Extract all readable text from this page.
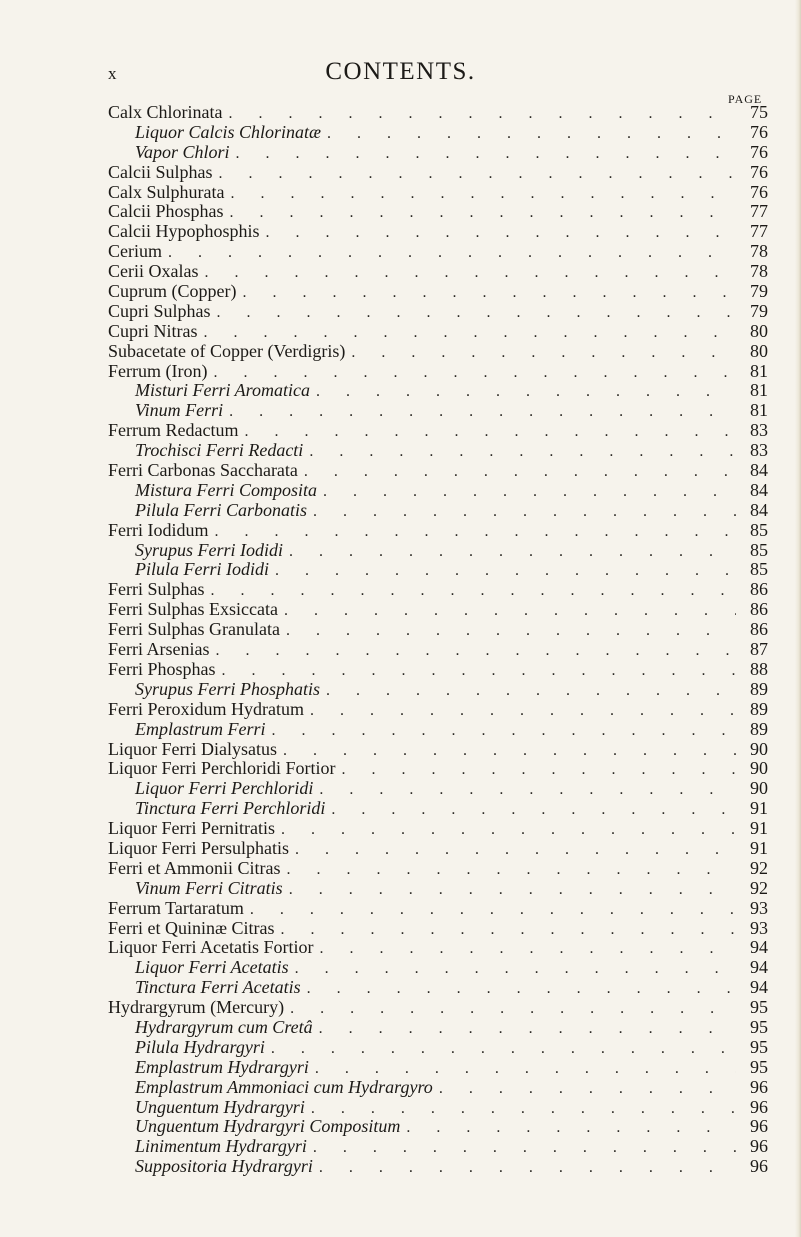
x	CONTENTS.
PAGE
Calx Chlorinata . . .	75
Liquor Calcis Chlorinatæ . . .	76
Vapor Chlori . . .	76
Calcii Sulphas . . .	76
Calx Sulphurata . . .	76
Calcii Phosphas . . .	77
Calcii Hypophosphis . . .	77
Cerium . . .	78
Cerii Oxalas . . .	78
Cuprum (Copper) . . .	79
Cupri Sulphas . . .	79
Cupri Nitras . . .	80
Subacetate of Copper (Verdigris) . . .	80
Ferrum (Iron) . . .	81
Misturi Ferri Aromatica . . .	81
Vinum Ferri . . .	81
Ferrum Redactum . . .	83
Trochisci Ferri Redacti . . .	83
Ferri Carbonas Saccharata . . .	84
Mistura Ferri Composita . . .	84
Pilula Ferri Carbonatis . . .	84
Ferri Iodidum . . .	85
Syrupus Ferri Iodidi . . .	85
Pilula Ferri Iodidi . . .	85
Ferri Sulphas . . .	86
Ferri Sulphas Exsiccata . . .	86
Ferri Sulphas Granulata . . .	86
Ferri Arsenias . . .	87
Ferri Phosphas . . .	88
Syrupus Ferri Phosphatis . . .	89
Ferri Peroxidum Hydratum . . .	89
Emplastrum Ferri . . .	89
Liquor Ferri Dialysatus . . .	90
Liquor Ferri Perchloridi Fortior . . .	90
Liquor Ferri Perchloridi . . .	90
Tinctura Ferri Perchloridi . . .	91
Liquor Ferri Pernitratis . . .	91
Liquor Ferri Persulphatis . . .	91
Ferri et Ammonii Citras . . .	92
Vinum Ferri Citratis . . .	92
Ferrum Tartaratum . . .	93
Ferri et Quininæ Citras . . .	93
Liquor Ferri Acetatis Fortior . . .	94
Liquor Ferri Acetatis . . .	94
Tinctura Ferri Acetatis . . .	94
Hydrargyrum (Mercury) . . .	95
Hydrargyrum cum Cretâ . . .	95
Pilula Hydrargyri . . .	95
Emplastrum Hydrargyri . . .	95
Emplastrum Ammoniaci cum Hydrargyro . . .	96
Unguentum Hydrargyri . . .	96
Unguentum Hydrargyri Compositum . . .	96
Linimentum Hydrargyri . . .	96
Suppositoria Hydrargyri . . .	96
